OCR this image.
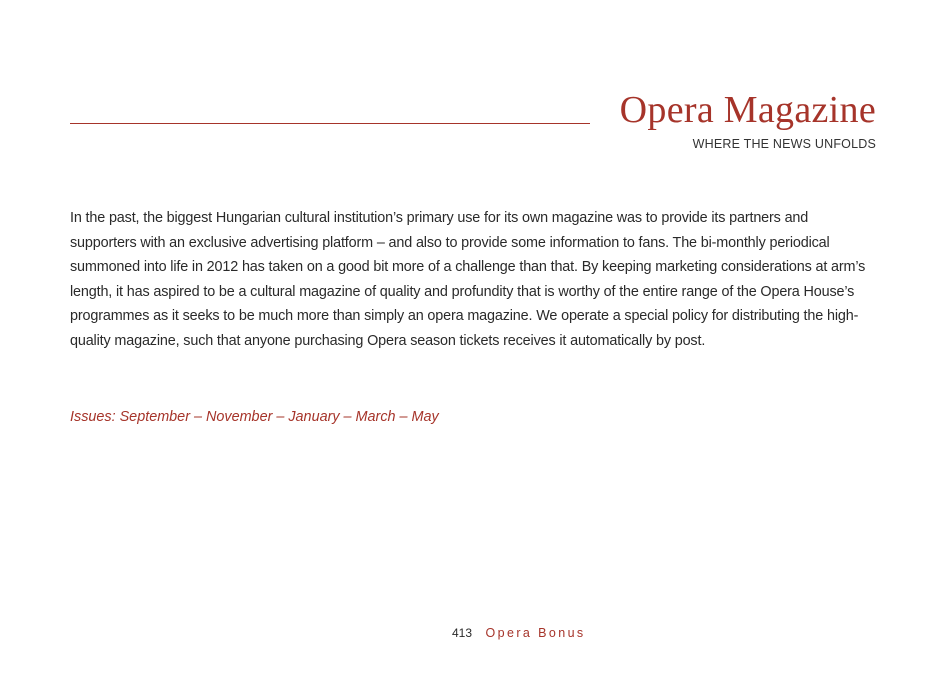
Opera Magazine
WHERE THE NEWS UNFOLDS

In the past, the biggest Hungarian cultural institution’s primary use for its own magazine was to provide its partners and supporters with an exclusive advertising platform – and also to provide some information to fans. The bi-monthly periodical summoned into life in 2012 has taken on a good bit more of a challenge than that. By keeping marketing considerations at arm’s length, it has aspired to be a cultural magazine of quality and profundity that is worthy of the entire range of the Opera House’s programmes as it seeks to be much more than simply an opera magazine. We operate a special policy for distributing the high-quality magazine, such that anyone purchasing Opera season tickets receives it automatically by post.

Issues: September – November – January – March – May

413 Opera Bonus
